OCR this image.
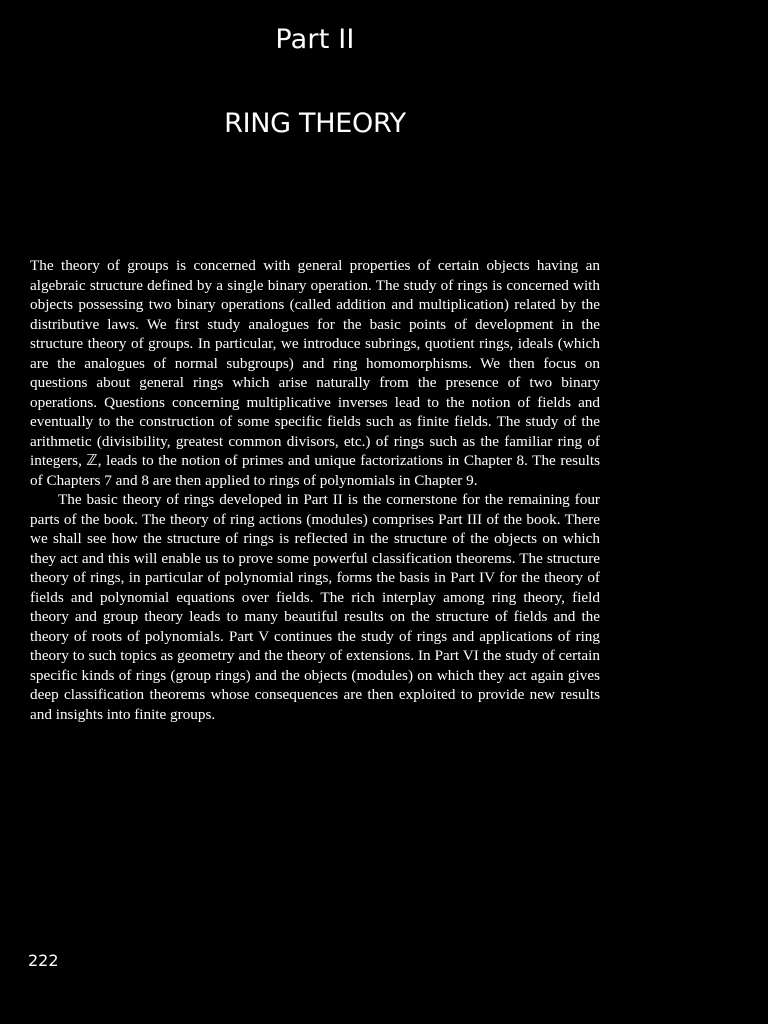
Part II
RING THEORY

The theory of groups is concerned with general properties of certain objects having an algebraic structure defined by a single binary operation. The study of rings is concerned with objects possessing two binary operations (called addition and multiplication) related by the distributive laws. We first study analogues for the basic points of development in the structure theory of groups. In particular, we introduce subrings, quotient rings, ideals (which are the analogues of normal subgroups) and ring homomorphisms. We then focus on questions about general rings which arise naturally from the presence of two binary operations. Questions concerning multiplicative inverses lead to the notion of fields and eventually to the construction of some specific fields such as finite fields. The study of the arithmetic (divisibility, greatest common divisors, etc.) of rings such as the familiar ring of integers, ℤ, leads to the notion of primes and unique factorizations in Chapter 8. The results of Chapters 7 and 8 are then applied to rings of polynomials in Chapter 9.

The basic theory of rings developed in Part II is the cornerstone for the remaining four parts of the book. The theory of ring actions (modules) comprises Part III of the book. There we shall see how the structure of rings is reflected in the structure of the objects on which they act and this will enable us to prove some powerful classification theorems. The structure theory of rings, in particular of polynomial rings, forms the basis in Part IV for the theory of fields and polynomial equations over fields. The rich interplay among ring theory, field theory and group theory leads to many beautiful results on the structure of fields and the theory of roots of polynomials. Part V continues the study of rings and applications of ring theory to such topics as geometry and the theory of extensions. In Part VI the study of certain specific kinds of rings (group rings) and the objects (modules) on which they act again gives deep classification theorems whose consequences are then exploited to provide new results and insights into finite groups.

222
